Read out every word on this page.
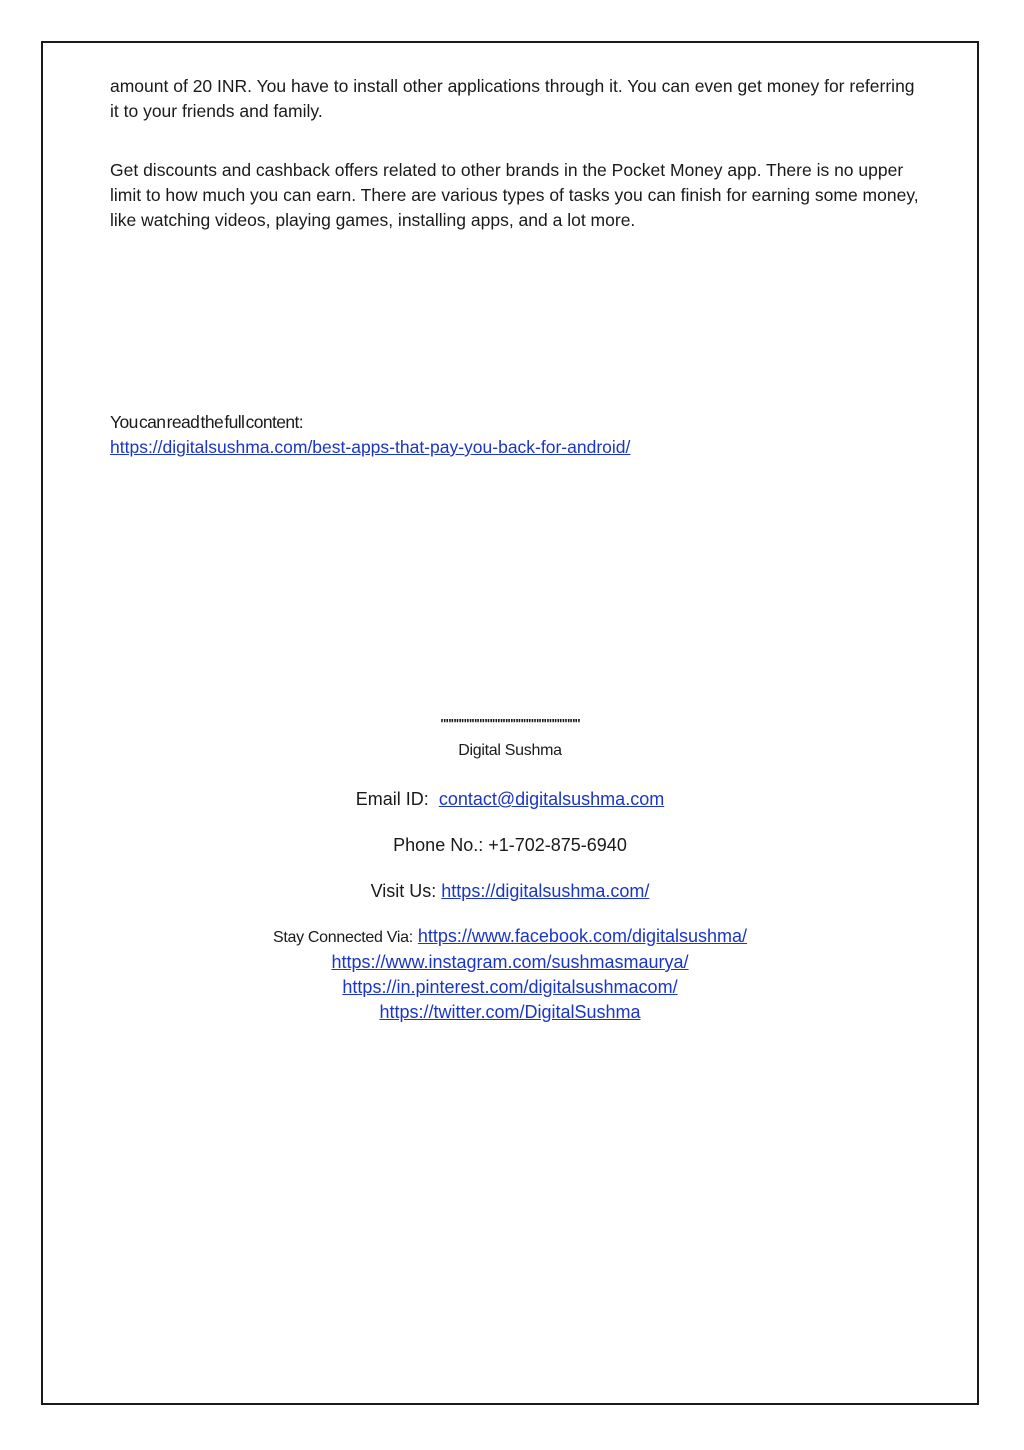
amount of 20 INR. You have to install other applications through it. You can even get money for referring it to your friends and family.

Get discounts and cashback offers related to other brands in the Pocket Money app. There is no upper limit to how much you can earn. There are various types of tasks you can finish for earning some money, like watching videos, playing games, installing apps, and a lot more.

You can read the full content:
https://digitalsushma.com/best-apps-that-pay-you-back-for-android/
"""""""""""""""""""""""""""
Digital Sushma
Email ID: contact@digitalsushma.com
Phone No.: +1-702-875-6940
Visit Us: https://digitalsushma.com/
Stay Connected Via: https://www.facebook.com/digitalsushma/
https://www.instagram.com/sushmasmaurya/
https://in.pinterest.com/digitalsushmacom/
https://twitter.com/DigitalSushma
